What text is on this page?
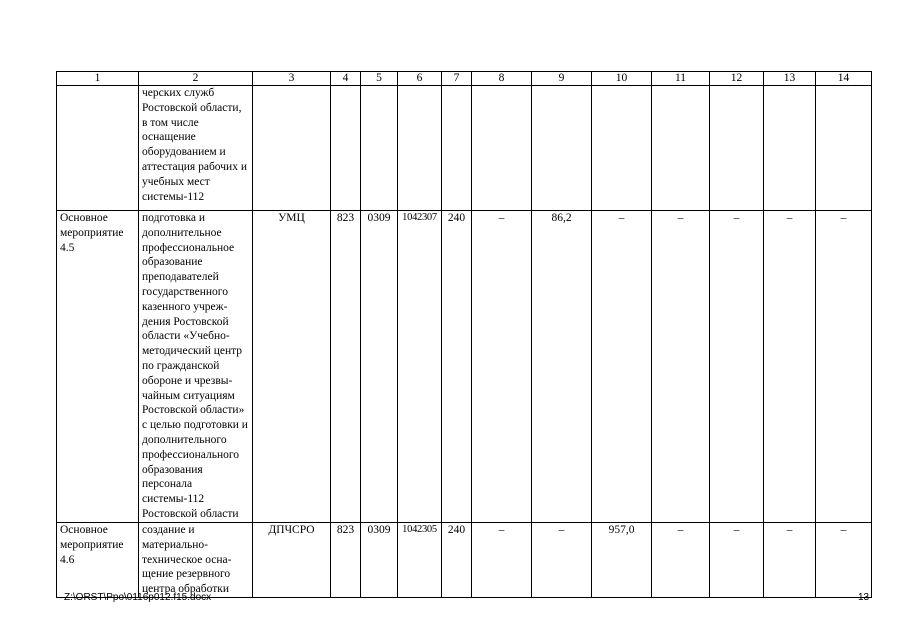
1	2	3	4	5	6	7	8	9	10	11	12	13	14
	черских служб Ростовской области, в том числе оснащение оборудованием и аттестация рабочих и учебных мест системы-112												
Основное мероприятие 4.5	подготовка и дополнительное профессиональное образование преподавателей государственного казенного учреж-дения Ростовской области «Учебно-методический центр по гражданской обороне и чрезвы-чайным ситуациям Ростовской области» с целью подготовки и дополнительного профессионального образования персонала системы-112 Ростовской области	УМЦ	823	0309	1042307	240	–	86,2	–	–	–	–	–
Основное мероприятие 4.6	создание и материально-техническое осна-щение резервного центра обработки	ДПЧСРО	823	0309	1042305	240	–	–	957,0	–	–	–	–
Z:\ORST\Ppo\0116p012.f15.docx	13
